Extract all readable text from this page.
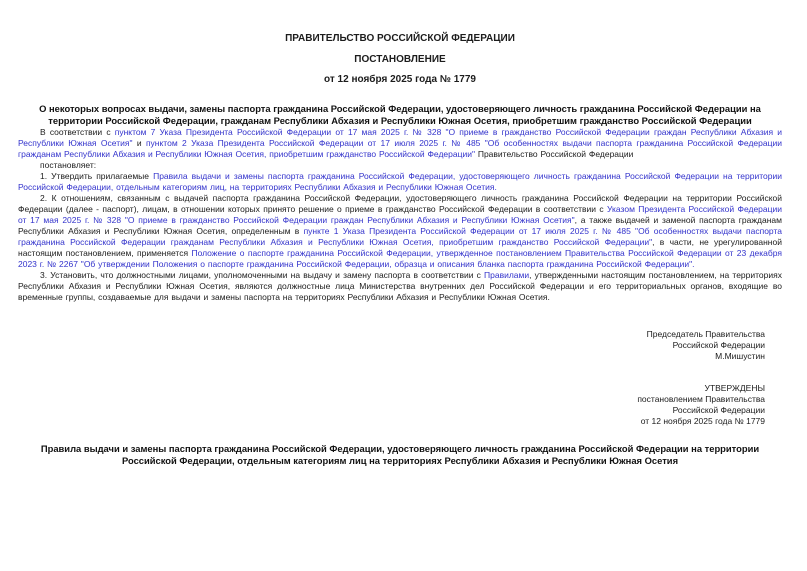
ПРАВИТЕЛЬСТВО РОССИЙСКОЙ ФЕДЕРАЦИИ
ПОСТАНОВЛЕНИЕ
от 12 ноября 2025 года № 1779
О некоторых вопросах выдачи, замены паспорта гражданина Российской Федерации, удостоверяющего личность гражданина Российской Федерации на территории Российской Федерации, гражданам Республики Абхазия и Республики Южная Осетия, приобретшим гражданство Российской Федерации

В соответствии с пунктом 7 Указа Президента Российской Федерации от 17 мая 2025 г. № 328 "О приеме в гражданство Российской Федерации граждан Республики Абхазия и Республики Южная Осетия" и пунктом 2 Указа Президента Российской Федерации от 17 июля 2025 г. № 485 "Об особенностях выдачи паспорта гражданина Российской Федерации гражданам Республики Абхазия и Республики Южная Осетия, приобретшим гражданство Российской Федерации" Правительство Российской Федерации

постановляет:

1. Утвердить прилагаемые Правила выдачи и замены паспорта гражданина Российской Федерации, удостоверяющего личность гражданина Российской Федерации на территории Российской Федерации, отдельным категориям лиц, на территориях Республики Абхазия и Республики Южная Осетия.

2. К отношениям, связанным с выдачей паспорта гражданина Российской Федерации, удостоверяющего личность гражданина Российской Федерации на территории Российской Федерации (далее - паспорт), лицам, в отношении которых принято решение о приеме в гражданство Российской Федерации в соответствии с Указом Президента Российской Федерации от 17 мая 2025 г. № 328 "О приеме в гражданство Российской Федерации граждан Республики Абхазия и Республики Южная Осетия", а также выдачей и заменой паспорта гражданам Республики Абхазия и Республики Южная Осетия, определенным в пункте 1 Указа Президента Российской Федерации от 17 июля 2025 г. № 485 "Об особенностях выдачи паспорта гражданина Российской Федерации гражданам Республики Абхазия и Республики Южная Осетия, приобретшим гражданство Российской Федерации", в части, не урегулированной настоящим постановлением, применяется Положение о паспорте гражданина Российской Федерации, утвержденное постановлением Правительства Российской Федерации от 23 декабря 2023 г. № 2267 "Об утверждении Положения о паспорте гражданина Российской Федерации, образца и описания бланка паспорта гражданина Российской Федерации".

3. Установить, что должностными лицами, уполномоченными на выдачу и замену паспорта в соответствии с Правилами, утвержденными настоящим постановлением, на территориях Республики Абхазия и Республики Южная Осетия, являются должностные лица Министерства внутренних дел Российской Федерации и его территориальных органов, входящие во временные группы, создаваемые для выдачи и замены паспорта на территориях Республики Абхазия и Республики Южная Осетия.

Председатель Правительства
Российской Федерации
М.Мишустин
УТВЕРЖДЕНЫ
постановлением Правительства
Российской Федерации
от 12 ноября 2025 года № 1779
Правила выдачи и замены паспорта гражданина Российской Федерации, удостоверяющего личность гражданина Российской Федерации на территории Российской Федерации, отдельным категориям лиц на территориях Республики Абхазия и Республики Южная Осетия
